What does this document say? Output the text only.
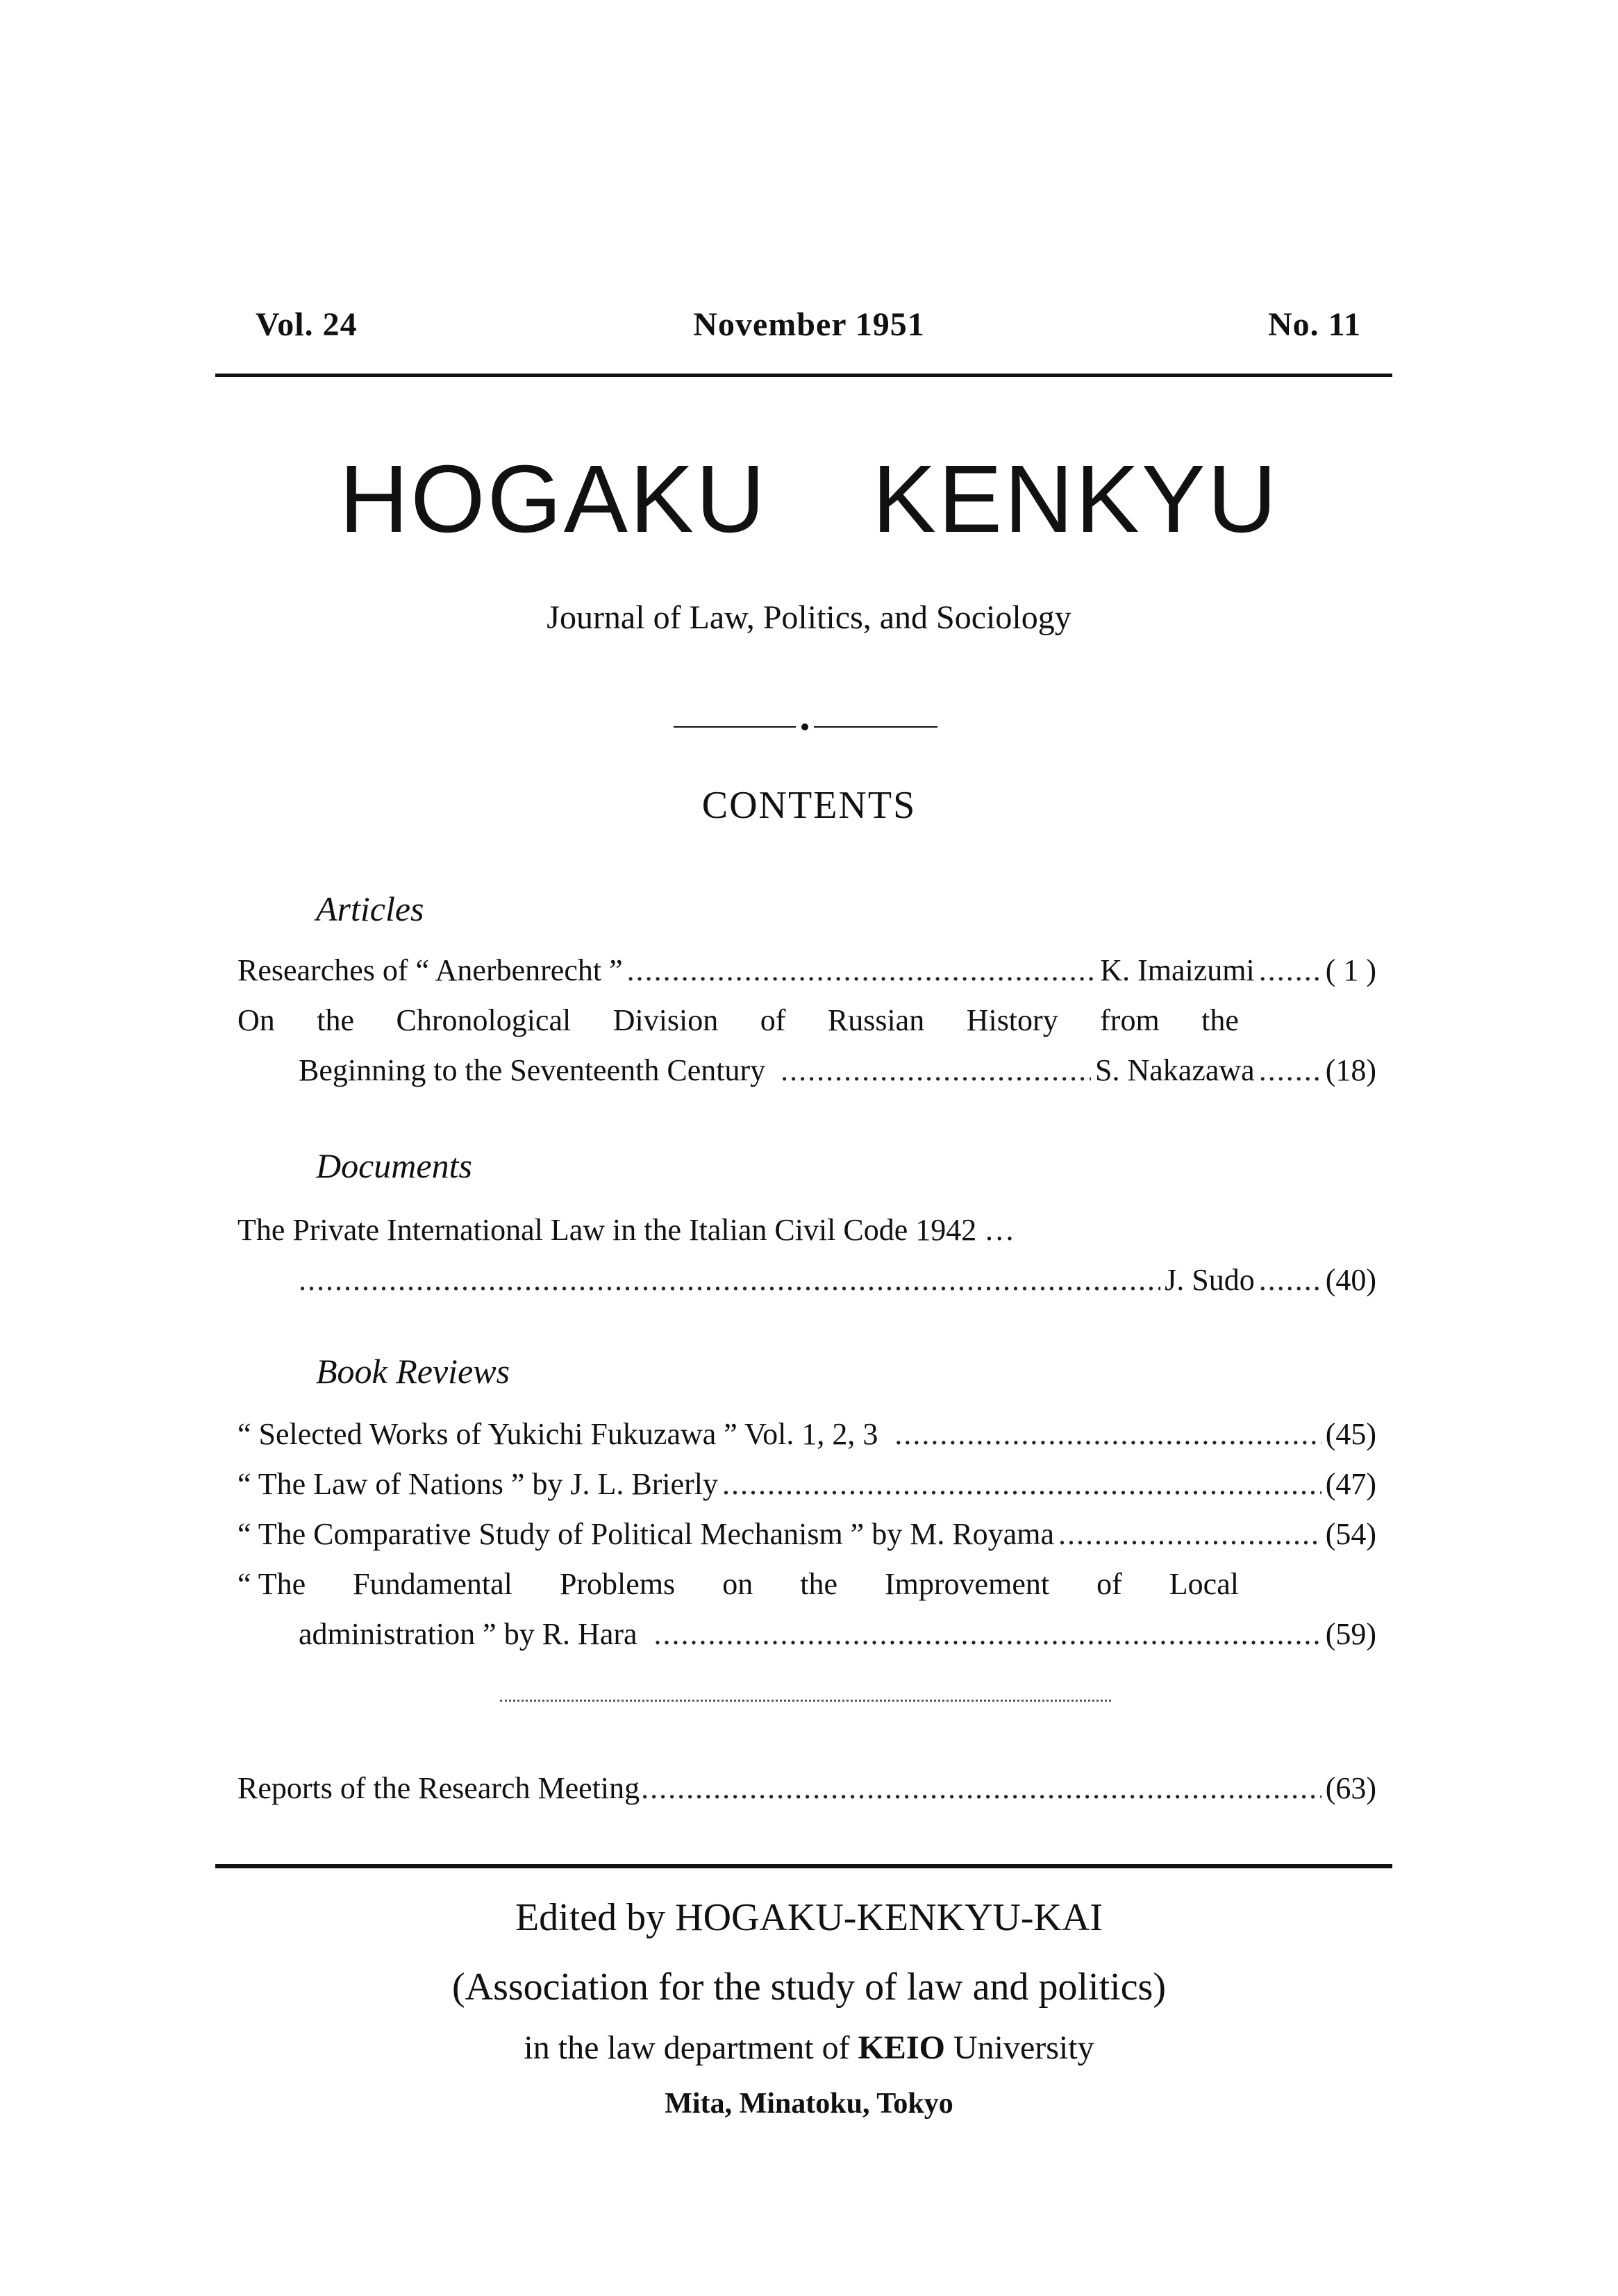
Vol. 24	November 1951	No. 11
HOGAKU KENKYU
Journal of Law, Politics, and Sociology
CONTENTS
Articles
Researches of “ Anerbenrecht ” .....	K. Imaizumi ..... ( 1 )
On the Chronological Division of Russian History from the
Beginning to the Seventeenth Century .....	S. Nakazawa ..... (18)
Documents
The Private International Law in the Italian Civil Code 1942 …
.....
J. Sudo ..... (40)
Book Reviews
“ Selected Works of Yukichi Fukuzawa ” Vol. 1, 2, 3 .....	(45)
“ The Law of Nations ” by J. L. Brierly .....	(47)
“ The Comparative Study of Political Mechanism ” by M. Royama .....	(54)
“ The Fundamental Problems on the Improvement of Local
administration ” by R. Hara .....	(59)
Reports of the Research Meeting .....	(63)
Edited by HOGAKU-KENKYU-KAI
(Association for the study of law and politics)
in the law department of KEIO University
Mita, Minatoku, Tokyo
